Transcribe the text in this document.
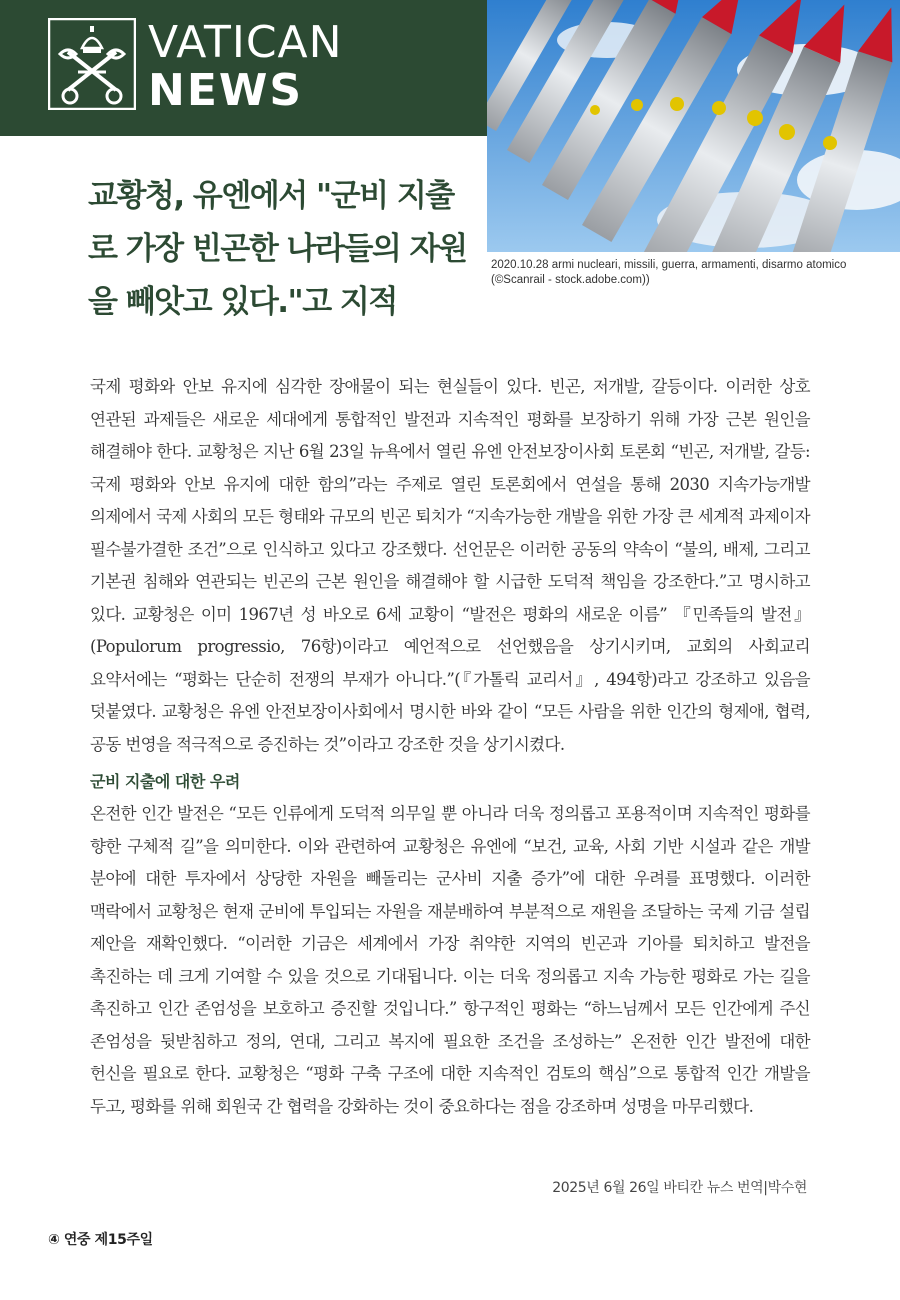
VATICAN
NEWS
2020.10.28 armi nucleari, missili, guerra, armamenti, disarmo atomico (©Scanrail - stock.adobe.com))
교황청, 유엔에서 "군비 지출로 가장 빈곤한 나라들의 자원을 빼앗고 있다."고 지적

국제 평화와 안보 유지에 심각한 장애물이 되는 현실들이 있다. 빈곤, 저개발, 갈등이다. 이러한 상호 연관된 과제들은 새로운 세대에게 통합적인 발전과 지속적인 평화를 보장하기 위해 가장 근본 원인을 해결해야 한다. 교황청은 지난 6월 23일 뉴욕에서 열린 유엔 안전보장이사회 토론회 “빈곤, 저개발, 갈등: 국제 평화와 안보 유지에 대한 함의”라는 주제로 열린 토론회에서 연설을 통해 2030 지속가능개발 의제에서 국제 사회의 모든 형태와 규모의 빈곤 퇴치가 “지속가능한 개발을 위한 가장 큰 세계적 과제이자 필수불가결한 조건”으로 인식하고 있다고 강조했다. 선언문은 이러한 공동의 약속이 “불의, 배제, 그리고 기본권 침해와 연관되는 빈곤의 근본 원인을 해결해야 할 시급한 도덕적 책임을 강조한다.”고 명시하고 있다. 교황청은 이미 1967년 성 바오로 6세 교황이 “발전은 평화의 새로운 이름” 『민족들의 발전』(Populorum progressio, 76항)이라고 예언적으로 선언했음을 상기시키며, 교회의 사회교리 요약서에는 “평화는 단순히 전쟁의 부재가 아니다.”(『가톨릭 교리서』, 494항)라고 강조하고 있음을 덧붙였다. 교황청은 유엔 안전보장이사회에서 명시한 바와 같이 “모든 사람을 위한 인간의 형제애, 협력, 공동 번영을 적극적으로 증진하는 것”이라고 강조한 것을 상기시켰다.

군비 지출에 대한 우려

온전한 인간 발전은 “모든 인류에게 도덕적 의무일 뿐 아니라 더욱 정의롭고 포용적이며 지속적인 평화를 향한 구체적 길”을 의미한다. 이와 관련하여 교황청은 유엔에 “보건, 교육, 사회 기반 시설과 같은 개발 분야에 대한 투자에서 상당한 자원을 빼돌리는 군사비 지출 증가”에 대한 우려를 표명했다. 이러한 맥락에서 교황청은 현재 군비에 투입되는 자원을 재분배하여 부분적으로 재원을 조달하는 국제 기금 설립 제안을 재확인했다. “이러한 기금은 세계에서 가장 취약한 지역의 빈곤과 기아를 퇴치하고 발전을 촉진하는 데 크게 기여할 수 있을 것으로 기대됩니다. 이는 더욱 정의롭고 지속 가능한 평화로 가는 길을 촉진하고 인간 존엄성을 보호하고 증진할 것입니다.” 항구적인 평화는 “하느님께서 모든 인간에게 주신 존엄성을 뒷받침하고 정의, 연대, 그리고 복지에 필요한 조건을 조성하는” 온전한 인간 발전에 대한 헌신을 필요로 한다. 교황청은 “평화 구축 구조에 대한 지속적인 검토의 핵심”으로 통합적 인간 개발을 두고, 평화를 위해 회원국 간 협력을 강화하는 것이 중요하다는 점을 강조하며 성명을 마무리했다.

2025년 6월 26일 바티칸 뉴스 번역|박수현
④ 연중 제15주일
